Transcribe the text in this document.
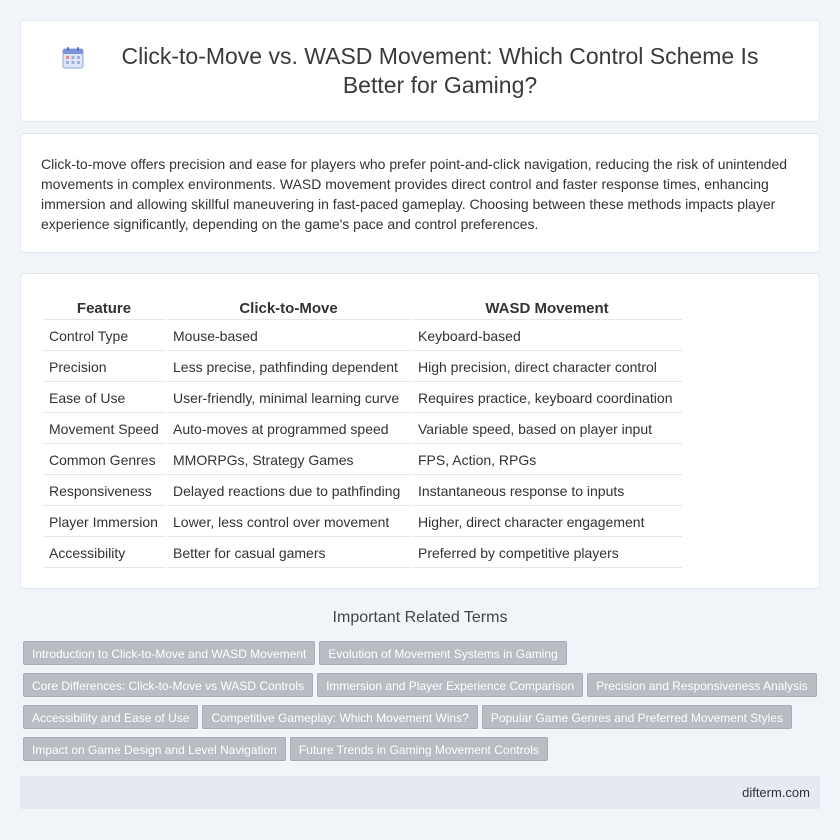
Click-to-Move vs. WASD Movement: Which Control Scheme Is Better for Gaming?

Click-to-move offers precision and ease for players who prefer point-and-click navigation, reducing the risk of unintended movements in complex environments. WASD movement provides direct control and faster response times, enhancing immersion and allowing skillful maneuvering in fast-paced gameplay. Choosing between these methods impacts player experience significantly, depending on the game's pace and control preferences.

Feature	Click-to-Move	WASD Movement
Control Type	Mouse-based	Keyboard-based
Precision	Less precise, pathfinding dependent	High precision, direct character control
Ease of Use	User-friendly, minimal learning curve	Requires practice, keyboard coordination
Movement Speed	Auto-moves at programmed speed	Variable speed, based on player input
Common Genres	MMORPGs, Strategy Games	FPS, Action, RPGs
Responsiveness	Delayed reactions due to pathfinding	Instantaneous response to inputs
Player Immersion	Lower, less control over movement	Higher, direct character engagement
Accessibility	Better for casual gamers	Preferred by competitive players
Important Related Terms
Introduction to Click-to-Move and WASD Movement Evolution of Movement Systems in Gaming
Core Differences: Click-to-Move vs WASD Controls Immersion and Player Experience Comparison Precision and Responsiveness Analysis
Accessibility and Ease of Use Competitive Gameplay: Which Movement Wins? Popular Game Genres and Preferred Movement Styles
Impact on Game Design and Level Navigation Future Trends in Gaming Movement Controls
difterm.com
